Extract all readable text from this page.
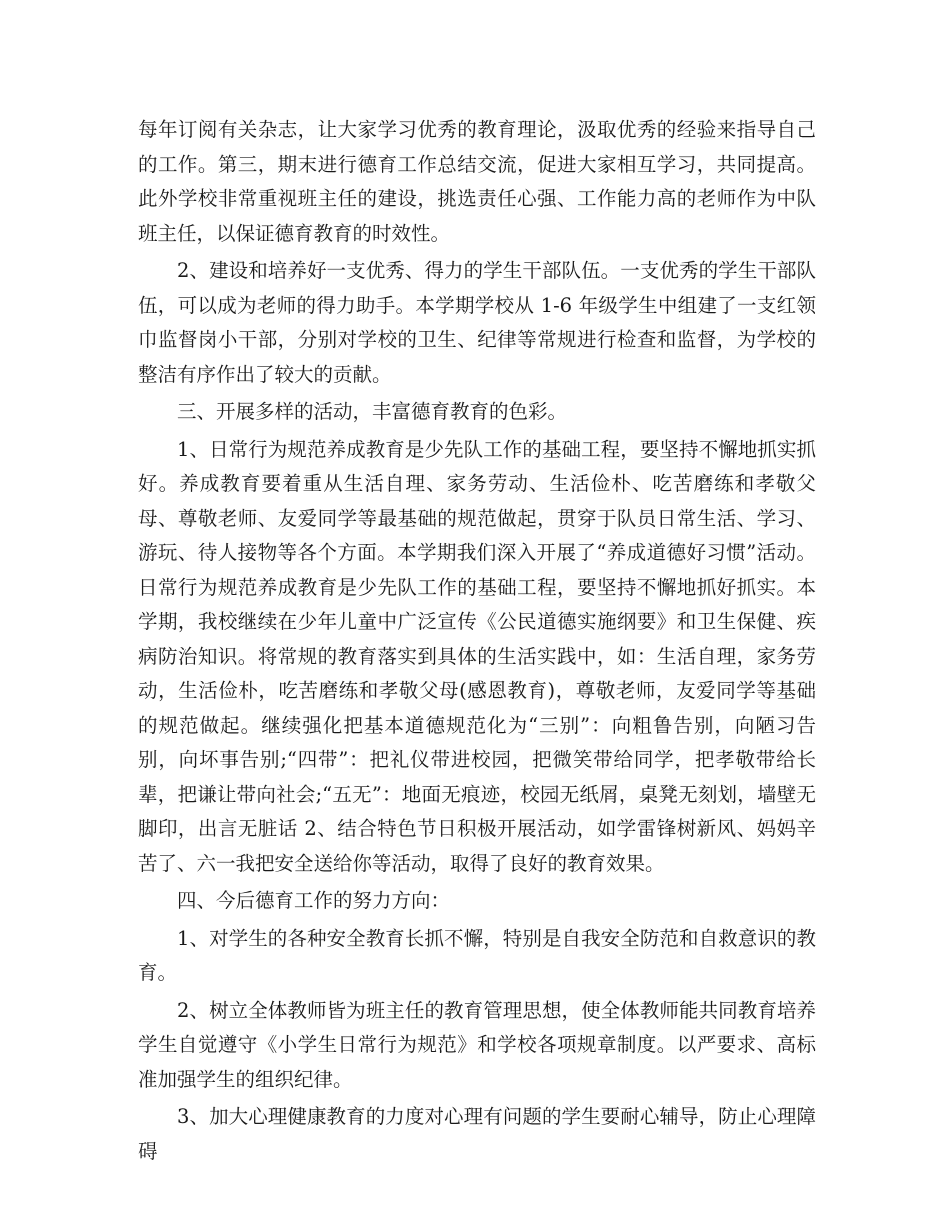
每年订阅有关杂志，让大家学习优秀的教育理论，汲取优秀的经验来指导自己的工作。第三，期末进行德育工作总结交流，促进大家相互学习，共同提高。此外学校非常重视班主任的建设，挑选责任心强、工作能力高的老师作为中队班主任，以保证德育教育的时效性。

2、建设和培养好一支优秀、得力的学生干部队伍。一支优秀的学生干部队伍，可以成为老师的得力助手。本学期学校从 1-6 年级学生中组建了一支红领巾监督岗小干部，分别对学校的卫生、纪律等常规进行检查和监督，为学校的整洁有序作出了较大的贡献。

三、开展多样的活动，丰富德育教育的色彩。

1、日常行为规范养成教育是少先队工作的基础工程，要坚持不懈地抓实抓好。养成教育要着重从生活自理、家务劳动、生活俭朴、吃苦磨练和孝敬父母、尊敬老师、友爱同学等最基础的规范做起，贯穿于队员日常生活、学习、游玩、待人接物等各个方面。本学期我们深入开展了“养成道德好习惯”活动。日常行为规范养成教育是少先队工作的基础工程，要坚持不懈地抓好抓实。本学期，我校继续在少年儿童中广泛宣传《公民道德实施纲要》和卫生保健、疾病防治知识。将常规的教育落实到具体的生活实践中，如：生活自理，家务劳动，生活俭朴，吃苦磨练和孝敬父母(感恩教育)，尊敬老师，友爱同学等基础的规范做起。继续强化把基本道德规范化为“三别”：向粗鲁告别，向陋习告别，向坏事告别;“四带”：把礼仪带进校园，把微笑带给同学，把孝敬带给长辈，把谦让带向社会;“五无”：地面无痕迹，校园无纸屑，桌凳无刻划，墙壁无脚印，出言无脏话 2、结合特色节日积极开展活动，如学雷锋树新风、妈妈辛苦了、六一我把安全送给你等活动，取得了良好的教育效果。

四、今后德育工作的努力方向：

1、对学生的各种安全教育长抓不懈，特别是自我安全防范和自救意识的教育。

2、树立全体教师皆为班主任的教育管理思想，使全体教师能共同教育培养学生自觉遵守《小学生日常行为规范》和学校各项规章制度。以严要求、高标准加强学生的组织纪律。

3、加大心理健康教育的力度对心理有问题的学生要耐心辅导，防止心理障碍
